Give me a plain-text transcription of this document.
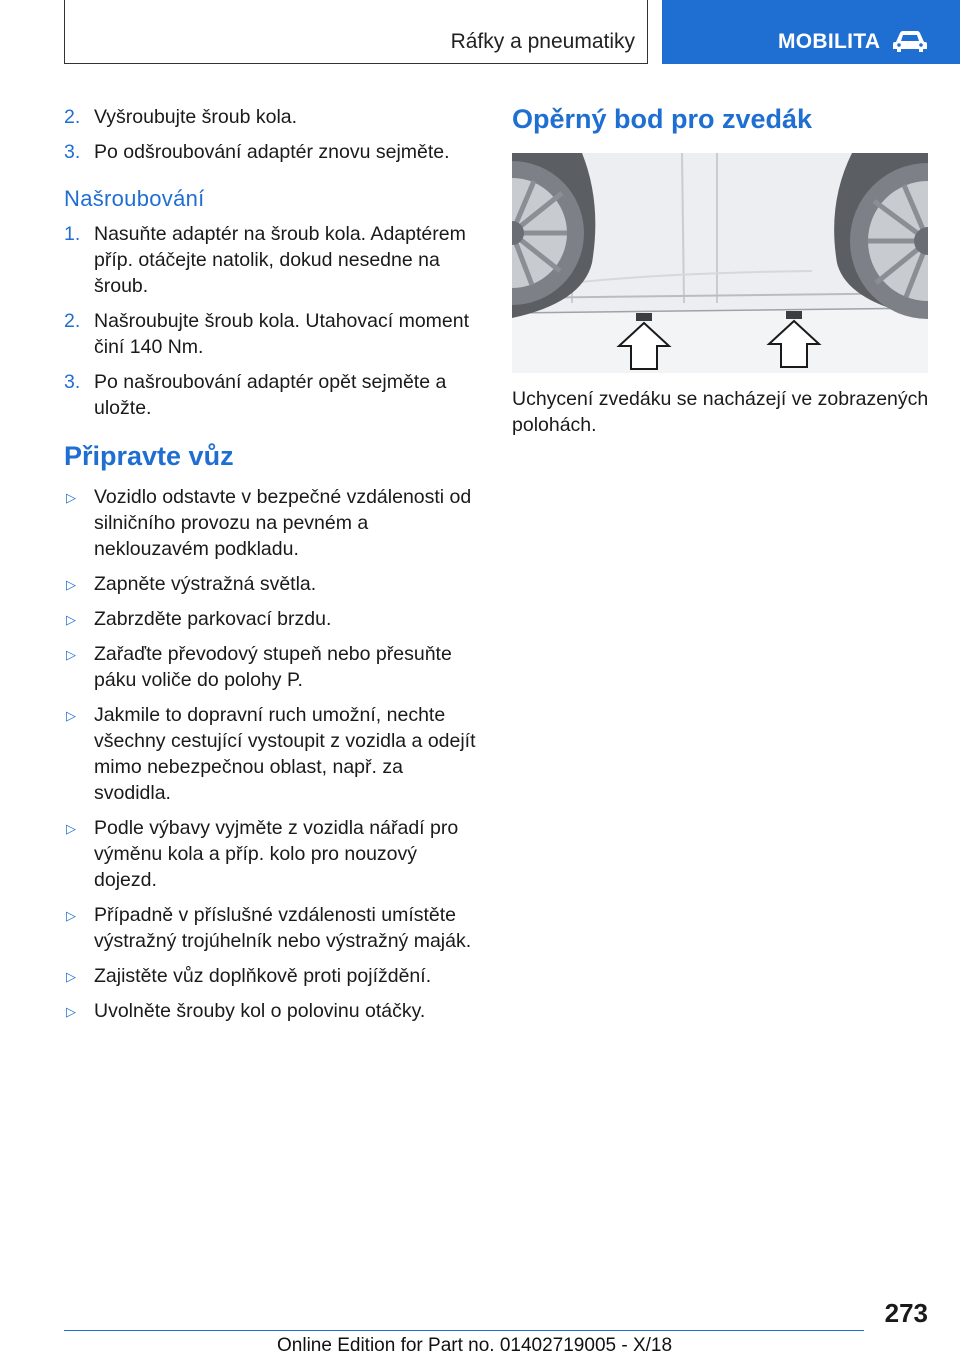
Ráfky a pneumatiky	MOBILITA
2. Vyšroubujte šroub kola.
3. Po odšroubování adaptér znovu sejměte.
Našroubování
1. Nasuňte adaptér na šroub kola. Adaptérem příp. otáčejte natolik, dokud nesedne na šroub.
2. Našroubujte šroub kola. Utahovací moment činí 140 Nm.
3. Po našroubování adaptér opět sejměte a uložte.
Připravte vůz
▷ Vozidlo odstavte v bezpečné vzdálenosti od silničního provozu na pevném a neklouzavém podkladu.
▷ Zapněte výstražná světla.
▷ Zabrzděte parkovací brzdu.
▷ Zařaďte převodový stupeň nebo přesuňte páku voliče do polohy P.
▷ Jakmile to dopravní ruch umožní, nechte všechny cestující vystoupit z vozidla a odejít mimo nebezpečnou oblast, např. za svodidla.
▷ Podle výbavy vyjměte z vozidla nářadí pro výměnu kola a příp. kolo pro nouzový dojezd.
▷ Případně v příslušné vzdálenosti umístěte výstražný trojúhelník nebo výstražný maják.
▷ Zajistěte vůz doplňkově proti pojíždění.
▷ Uvolněte šrouby kol o polovinu otáčky.
Opěrný bod pro zvedák

Uchycení zvedáku se nacházejí ve zobrazených polohách.

273
Online Edition for Part no. 01402719005 - X/18
